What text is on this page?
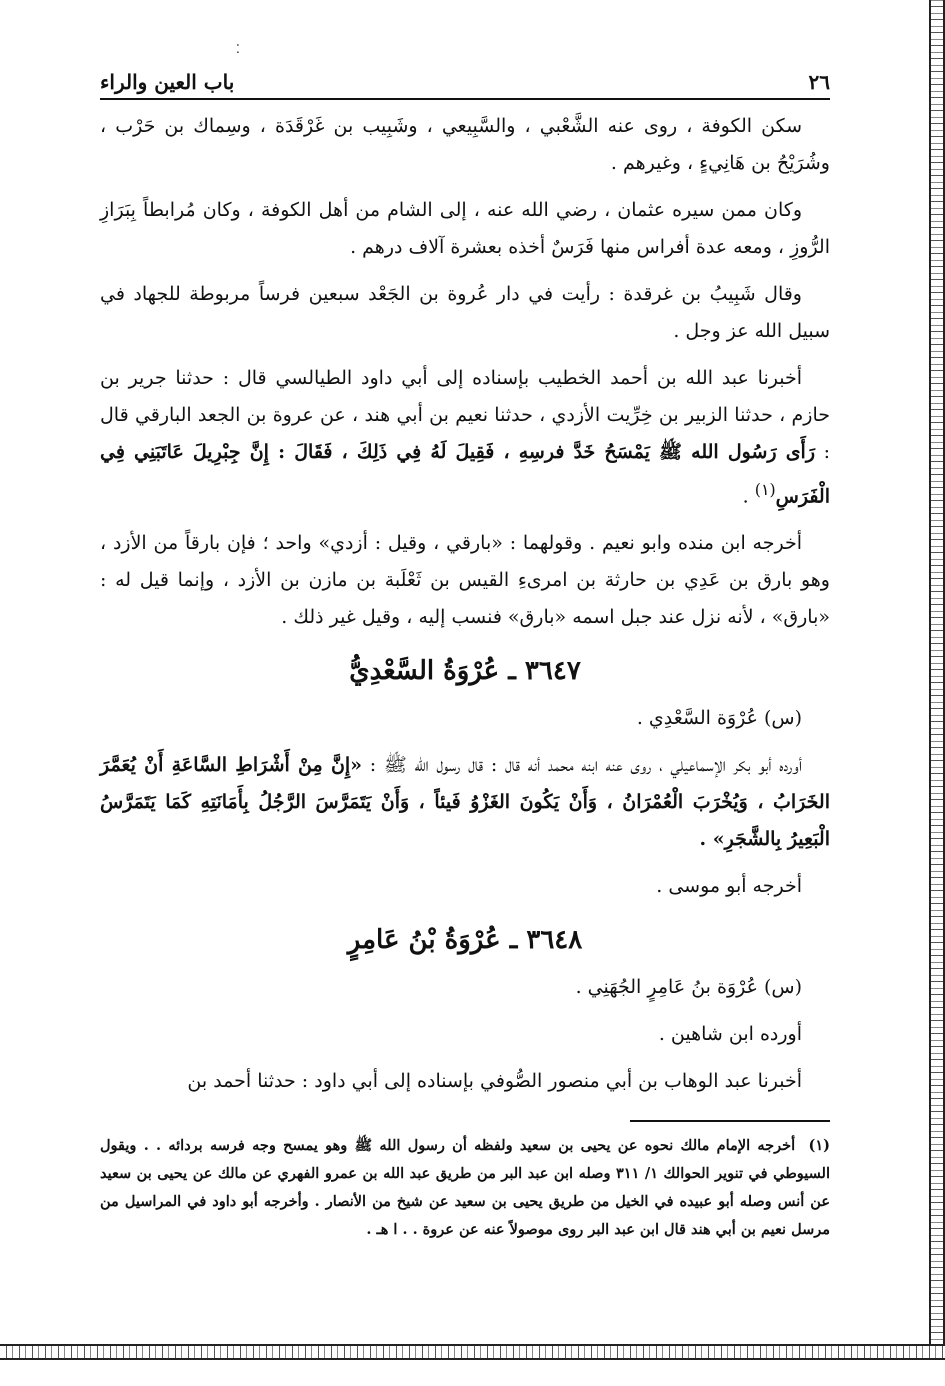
⁚
٢٦
باب العين والراء

سكن الكوفة ، روى عنه الشَّعْبي ، والسَّبِيعي ، وشَبِيب بن غَرْقَدَة ، وسِماك بن حَرْب ، وشُرَيْحُ بن هَانِيءٍ ، وغيرهم .

وكان ممن سيره عثمان ، رضي الله عنه ، إلى الشام من أهل الكوفة ، وكان مُرابطاً بِبَرَازِ الرُّوزِ ، ومعه عدة أفراس منها فَرَسٌ أخذه بعشرة آلاف درهم .

وقال شَبِيبُ بن غرقدة : رأيت في دار عُروة بن الجَعْد سبعين فرساً مربوطة للجهاد في سبيل الله عز وجل .

أخبرنا عبد الله بن أحمد الخطيب بإسناده إلى أبي داود الطيالسي قال : حدثنا جرير بن حازم ، حدثنا الزبير بن خِرِّيت الأزدي ، حدثنا نعيم بن أبي هند ، عن عروة بن الجعد البارقي قال : رَأَى رَسُول الله ﷺ يَمْسَحُ خَدَّ فرسِهِ ، فَقِيلَ لَهُ فِي ذَلِكَ ، فَقَالَ : إِنَّ جِبْرِيلَ عَاتَبَنِي فِي الْفَرَسِ$^{(١)}$ .

أخرجه ابن منده وابو نعيم . وقولهما : «بارقي ، وقيل : أزدي» واحد ؛ فإن بارقاً من الأزد ، وهو بارق بن عَدِي بن حارثة بن امرىءِ القيس بن ثَعْلَبة بن مازن بن الأزد ، وإنما قيل له : «بارق» ، لأنه نزل عند جبل اسمه «بارق» فنسب إليه ، وقيل غير ذلك .

٣٦٤٧ ـ عُرْوَةُ السَّعْدِيُّ

(س) عُرْوَة السَّعْدِي .

أورده أبو بكر الإسماعيلي ، روى عنه ابنه محمد أنه قال : قال رسول الله ﷺ : «إِنَّ مِنْ أَشْرَاطِ السَّاعَةِ أَنْ يُعَمَّرَ الخَرَابُ ، وَيُخْرَبَ الْعُمْرَانُ ، وَأَنْ يَكُونَ الغَزْوُ فَيئاً ، وَأَنْ يَتَمَرَّسَ الرَّجُلُ بِأَمَانَتِهِ كَمَا يَتَمَرَّسُ الْبَعِيرُ بِالشَّجَرِ» .

أخرجه أبو موسى .

٣٦٤٨ ـ عُرْوَةُ بْنُ عَامِرٍ

(س) عُرْوَة بنُ عَامِرٍ الجُهَنِي .

أورده ابن شاهين .

أخبرنا عبد الوهاب بن أبي منصور الصُّوفي بإسناده إلى أبي داود : حدثنا أحمد بن

(١) أخرجه الإمام مالك نحوه عن يحيى بن سعيد ولفظه أن رسول الله ﷺ وهو يمسح وجه فرسه بردائه . . ويقول السيوطي في تنوير الحوالك ١/ ٣١١ وصله ابن عبد البر من طريق عبد الله بن عمرو الفهري عن مالك عن يحيى بن سعيد عن أنس وصله أبو عبيده في الخيل من طريق يحيى بن سعيد عن شيخ من الأنصار . وأخرجه أبو داود في المراسيل من مرسل نعيم بن أبي هند قال ابن عبد البر روى موصولاً عنه عن عروة . . ا هـ .
